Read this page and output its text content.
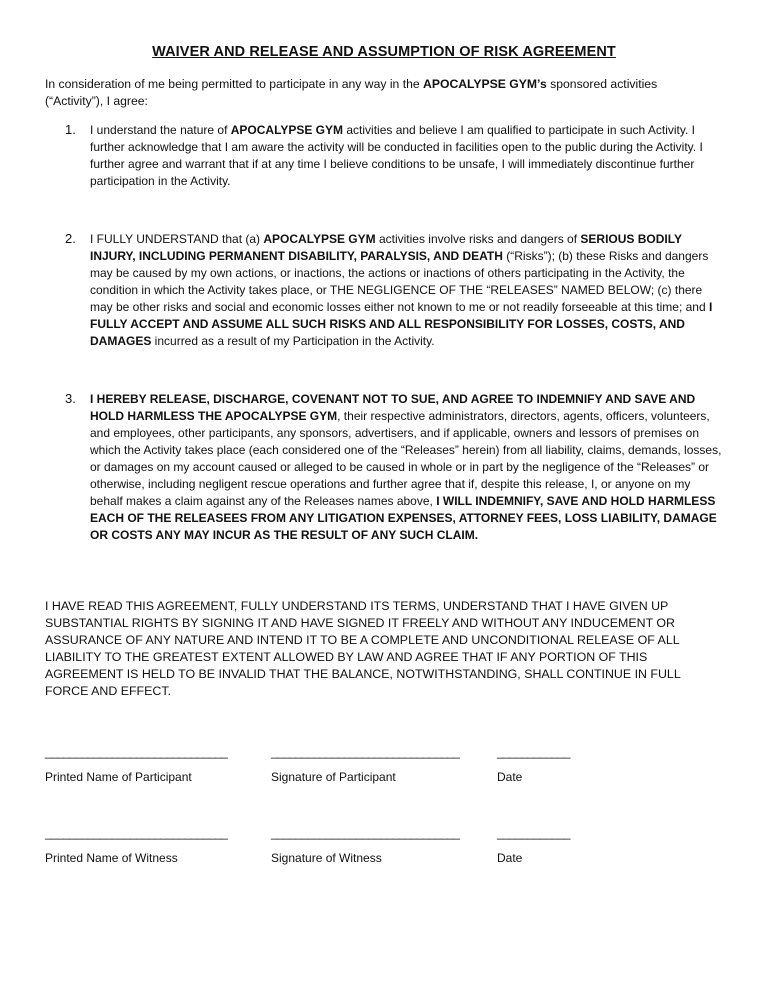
WAIVER AND RELEASE AND ASSUMPTION OF RISK AGREEMENT
In consideration of me being permitted to participate in any way in the APOCALYPSE GYM’s sponsored activities (“Activity”), I agree:
1.	I understand the nature of APOCALYPSE GYM activities and believe I am qualified to participate in such Activity. I further acknowledge that I am aware the activity will be conducted in facilities open to the public during the Activity. I further agree and warrant that if at any time I believe conditions to be unsafe, I will immediately discontinue further participation in the Activity.
2.	I FULLY UNDERSTAND that (a) APOCALYPSE GYM activities involve risks and dangers of SERIOUS BODILY INJURY, INCLUDING PERMANENT DISABILITY, PARALYSIS, AND DEATH (“Risks”); (b) these Risks and dangers may be caused by my own actions, or inactions, the actions or inactions of others participating in the Activity, the condition in which the Activity takes place, or THE NEGLIGENCE OF THE “RELEASES” NAMED BELOW; (c) there may be other risks and social and economic losses either not known to me or not readily forseeable at this time; and I FULLY ACCEPT AND ASSUME ALL SUCH RISKS AND ALL RESPONSIBILITY FOR LOSSES, COSTS, AND DAMAGES incurred as a result of my Participation in the Activity.
3.	I HEREBY RELEASE, DISCHARGE, COVENANT NOT TO SUE, AND AGREE TO INDEMNIFY AND SAVE AND HOLD HARMLESS THE APOCALYPSE GYM, their respective administrators, directors, agents, officers, volunteers, and employees, other participants, any sponsors, advertisers, and if applicable, owners and lessors of premises on which the Activity takes place (each considered one of the “Releases” herein) from all liability, claims, demands, losses, or damages on my account caused or alleged to be caused in whole or in part by the negligence of the “Releases” or otherwise, including negligent rescue operations and further agree that if, despite this release, I, or anyone on my behalf makes a claim against any of the Releases names above, I WILL INDEMNIFY, SAVE AND HOLD HARMLESS EACH OF THE RELEASEES FROM ANY LITIGATION EXPENSES, ATTORNEY FEES, LOSS LIABILITY, DAMAGE OR COSTS ANY MAY INCUR AS THE RESULT OF ANY SUCH CLAIM.
I HAVE READ THIS AGREEMENT, FULLY UNDERSTAND ITS TERMS, UNDERSTAND THAT I HAVE GIVEN UP SUBSTANTIAL RIGHTS BY SIGNING IT AND HAVE SIGNED IT FREELY AND WITHOUT ANY INDUCEMENT OR ASSURANCE OF ANY NATURE AND INTEND IT TO BE A COMPLETE AND UNCONDITIONAL RELEASE OF ALL LIABILITY TO THE GREATEST EXTENT ALLOWED BY LAW AND AGREE THAT IF ANY PORTION OF THIS AGREEMENT IS HELD TO BE INVALID THAT THE BALANCE, NOTWITHSTANDING, SHALL CONTINUE IN FULL FORCE AND EFFECT.
______________________________
Printed Name of Participant
_______________________________
Signature of Participant
____________
Date
______________________________
Printed Name of Witness
_______________________________
Signature of Witness
____________
Date
